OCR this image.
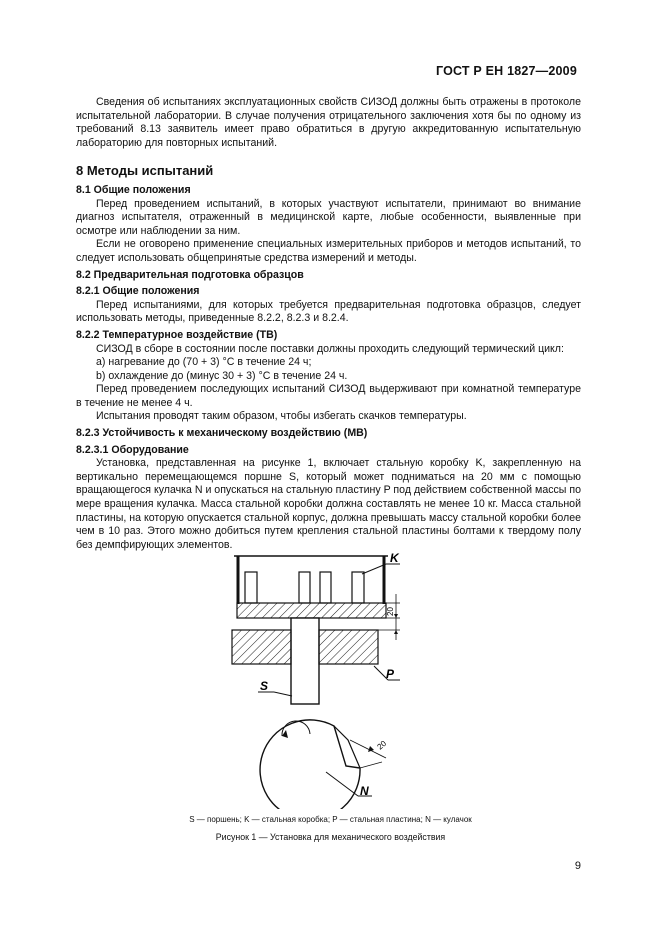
ГОСТ Р ЕН 1827—2009

Сведения об испытаниях эксплуатационных свойств СИЗОД должны быть отражены в протоколе испытательной лаборатории. В случае получения отрицательного заключения хотя бы по одному из требований 8.13 заявитель имеет право обратиться в другую аккредитованную испытательную лабораторию для повторных испытаний.

8 Методы испытаний
8.1 Общие положения

Перед проведением испытаний, в которых участвуют испытатели, принимают во внимание диагноз испытателя, отраженный в медицинской карте, любые особенности, выявленные при осмотре или наблюдении за ним.

Если не оговорено применение специальных измерительных приборов и методов испытаний, то следует использовать общепринятые средства измерений и методы.

8.2 Предварительная подготовка образцов
8.2.1 Общие положения

Перед испытаниями, для которых требуется предварительная подготовка образцов, следует использовать методы, приведенные 8.2.2, 8.2.3 и 8.2.4.

8.2.2 Температурное воздействие (ТВ)

СИЗОД в сборе в состоянии после поставки должны проходить следующий термический цикл:

a) нагревание до (70 + 3) °С в течение 24 ч;

b) охлаждение до (минус 30 + 3) °С в течение 24 ч.

Перед проведением последующих испытаний СИЗОД выдерживают при комнатной температуре в течение не менее 4 ч.

Испытания проводят таким образом, чтобы избегать скачков температуры.

8.2.3 Устойчивость к механическому воздействию (МВ)
8.2.3.1 Оборудование

Установка, представленная на рисунке 1, включает стальную коробку K, закрепленную на вертикально перемещающемся поршне S, который может подниматься на 20 мм с помощью вращающегося кулачка N и опускаться на стальную пластину P под действием собственной массы по мере вращения кулачка. Масса стальной коробки должна составлять не менее 10 кг. Масса стальной пластины, на которую опускается стальной корпус, должна превышать массу стальной коробки более чем в 10 раз. Этого можно добиться путем крепления стальной пластины болтами к твердому полу без демпфирующих элементов.

K
20
P
S
20
N
S — поршень; K — стальная коробка; P — стальная пластина; N — кулачок
Рисунок 1 — Установка для механического воздействия
9
